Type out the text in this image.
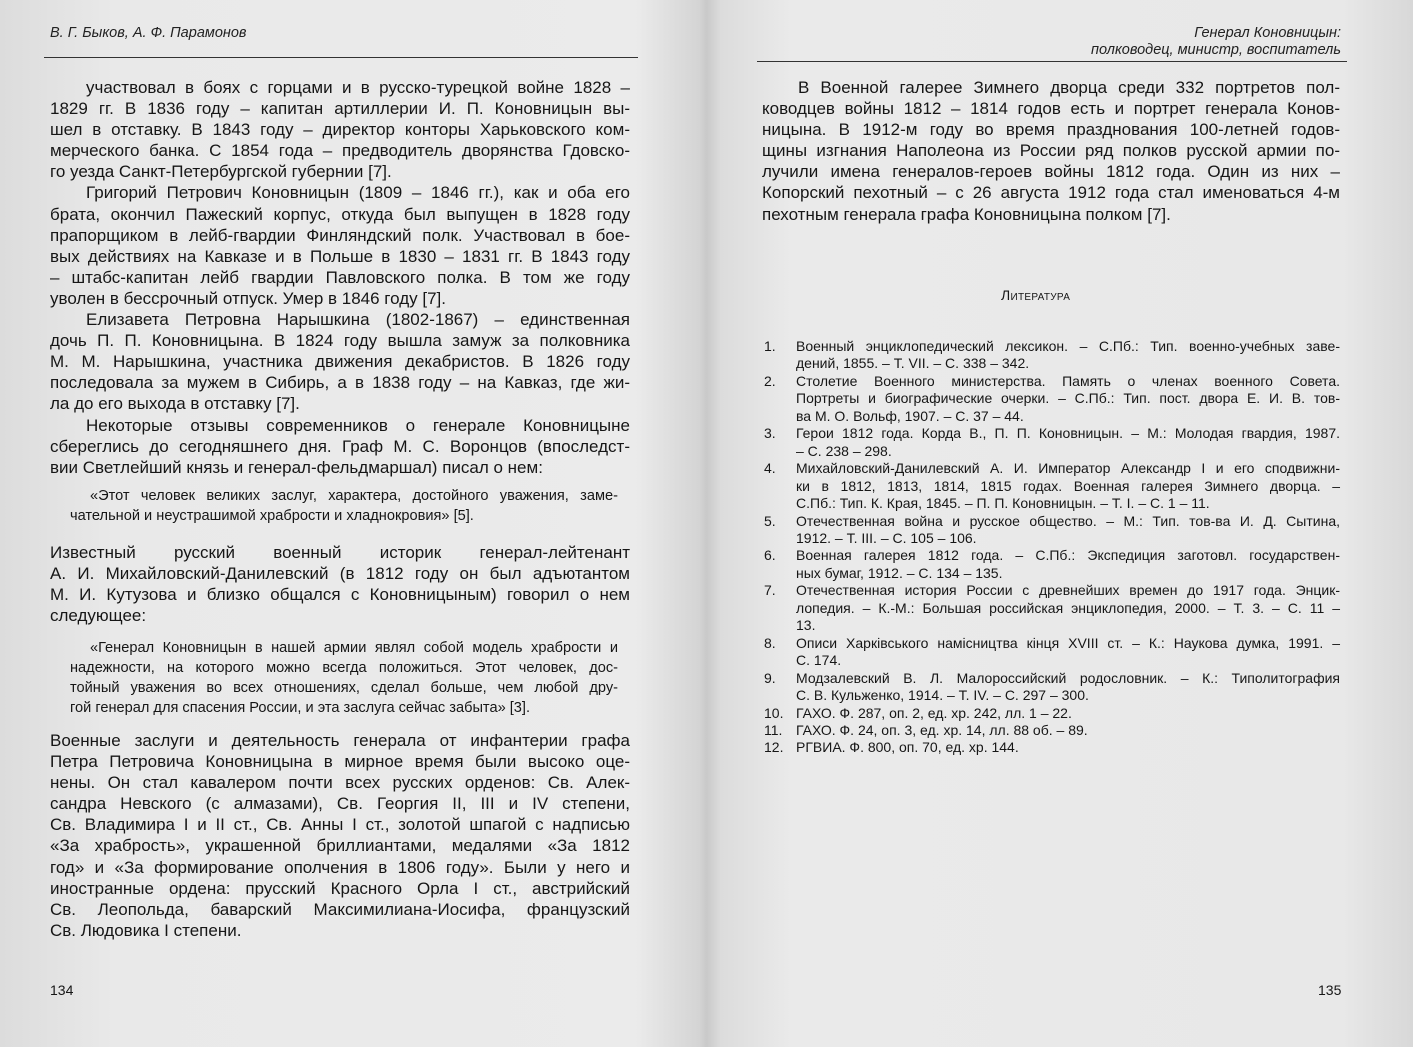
В. Г. Быков, А. Ф. Парамонов
участвовал в боях с горцами и в русско-турецкой войне 1828 –
1829 гг. В 1836 году – капитан артиллерии И. П. Коновницын вы-
шел в отставку. В 1843 году – директор конторы Харьковского ком-
мерческого банка. С 1854 года – предводитель дворянства Гдовско-
го уезда Санкт-Петербургской губернии [7].
Григорий Петрович Коновницын (1809 – 1846 гг.), как и оба его
брата, окончил Пажеский корпус, откуда был выпущен в 1828 году
прапорщиком в лейб-гвардии Финляндский полк. Участвовал в бое-
вых действиях на Кавказе и в Польше в 1830 – 1831 гг. В 1843 году
– штабс-капитан лейб гвардии Павловского полка. В том же году
уволен в бессрочный отпуск. Умер в 1846 году [7].
Елизавета Петровна Нарышкина (1802-1867) – единственная
дочь П. П. Коновницына. В 1824 году вышла замуж за полковника
М. М. Нарышкина, участника движения декабристов. В 1826 году
последовала за мужем в Сибирь, а в 1838 году – на Кавказ, где жи-
ла до его выхода в отставку [7].
Некоторые отзывы современников о генерале Коновницыне
сбереглись до сегодняшнего дня. Граф М. С. Воронцов (впоследст-
вии Светлейший князь и генерал-фельдмаршал) писал о нем:
«Этот человек великих заслуг, характера, достойного уважения, заме-
чательной и неустрашимой храбрости и хладнокровия» [5].
Известный русский военный историк генерал-лейтенант
А. И. Михайловский-Данилевский (в 1812 году он был адъютантом
М. И. Кутузова и близко общался с Коновницыным) говорил о нем
следующее:
«Генерал Коновницын в нашей армии являл собой модель храбрости и
надежности, на которого можно всегда положиться. Этот человек, дос-
тойный уважения во всех отношениях, сделал больше, чем любой дру-
гой генерал для спасения России, и эта заслуга сейчас забыта» [3].
Военные заслуги и деятельность генерала от инфантерии графа
Петра Петровича Коновницына в мирное время были высоко оце-
нены. Он стал кавалером почти всех русских орденов: Св. Алек-
сандра Невского (с алмазами), Св. Георгия II, III и IV степени,
Св. Владимира I и II ст., Св. Анны I ст., золотой шпагой с надписью
«За храбрость», украшенной бриллиантами, медалями «За 1812
год» и «За формирование ополчения в 1806 году». Были у него и
иностранные ордена: прусский Красного Орла I ст., австрийский
Св. Леопольда, баварский Максимилиана-Иосифа, французский
Св. Людовика I степени.
134
Генерал Коновницын:
полководец, министр, воспитатель
В Военной галерее Зимнего дворца среди 332 портретов пол-
ководцев войны 1812 – 1814 годов есть и портрет генерала Конов-
ницына. В 1912-м году во время празднования 100-летней годов-
щины изгнания Наполеона из России ряд полков русской армии по-
лучили имена генералов-героев войны 1812 года. Один из них –
Копорский пехотный – с 26 августа 1912 года стал именоваться 4-м
пехотным генерала графа Коновницына полком [7].
Литература
1. Военный энциклопедический лексикон. – С.Пб.: Тип. военно-учебных заве-
дений, 1855. – Т. VII. – С. 338 – 342.
2. Столетие Военного министерства. Память о членах военного Совета.
Портреты и биографические очерки. – С.Пб.: Тип. пост. двора Е. И. В. тов-
ва М. О. Вольф, 1907. – С. 37 – 44.
3. Герои 1812 года. Корда В., П. П. Коновницын. – М.: Молодая гвардия, 1987.
– С. 238 – 298.
4. Михайловский-Данилевский А. И. Император Александр I и его сподвижни-
ки в 1812, 1813, 1814, 1815 годах. Военная галерея Зимнего дворца. –
С.Пб.: Тип. К. Края, 1845. – П. П. Коновницын. – Т. I. – С. 1 – 11.
5. Отечественная война и русское общество. – М.: Тип. тов-ва И. Д. Сытина,
1912. – Т. III. – С. 105 – 106.
6. Военная галерея 1812 года. – С.Пб.: Экспедиция заготовл. государствен-
ных бумаг, 1912. – С. 134 – 135.
7. Отечественная история России с древнейших времен до 1917 года. Энцик-
лопедия. – К.-М.: Большая российская энциклопедия, 2000. – Т. 3. – С. 11 –
13.
8. Описи Харківського намісництва кінця XVIII ст. – К.: Наукова думка, 1991. –
С. 174.
9. Модзалевский В. Л. Малороссийский родословник. – К.: Типолитография
С. В. Кульженко, 1914. – Т. IV. – С. 297 – 300.
10. ГАХО. Ф. 287, оп. 2, ед. хр. 242, лл. 1 – 22.
11. ГАХО. Ф. 24, оп. 3, ед. хр. 14, лл. 88 об. – 89.
12. РГВИА. Ф. 800, оп. 70, ед. хр. 144.
135
